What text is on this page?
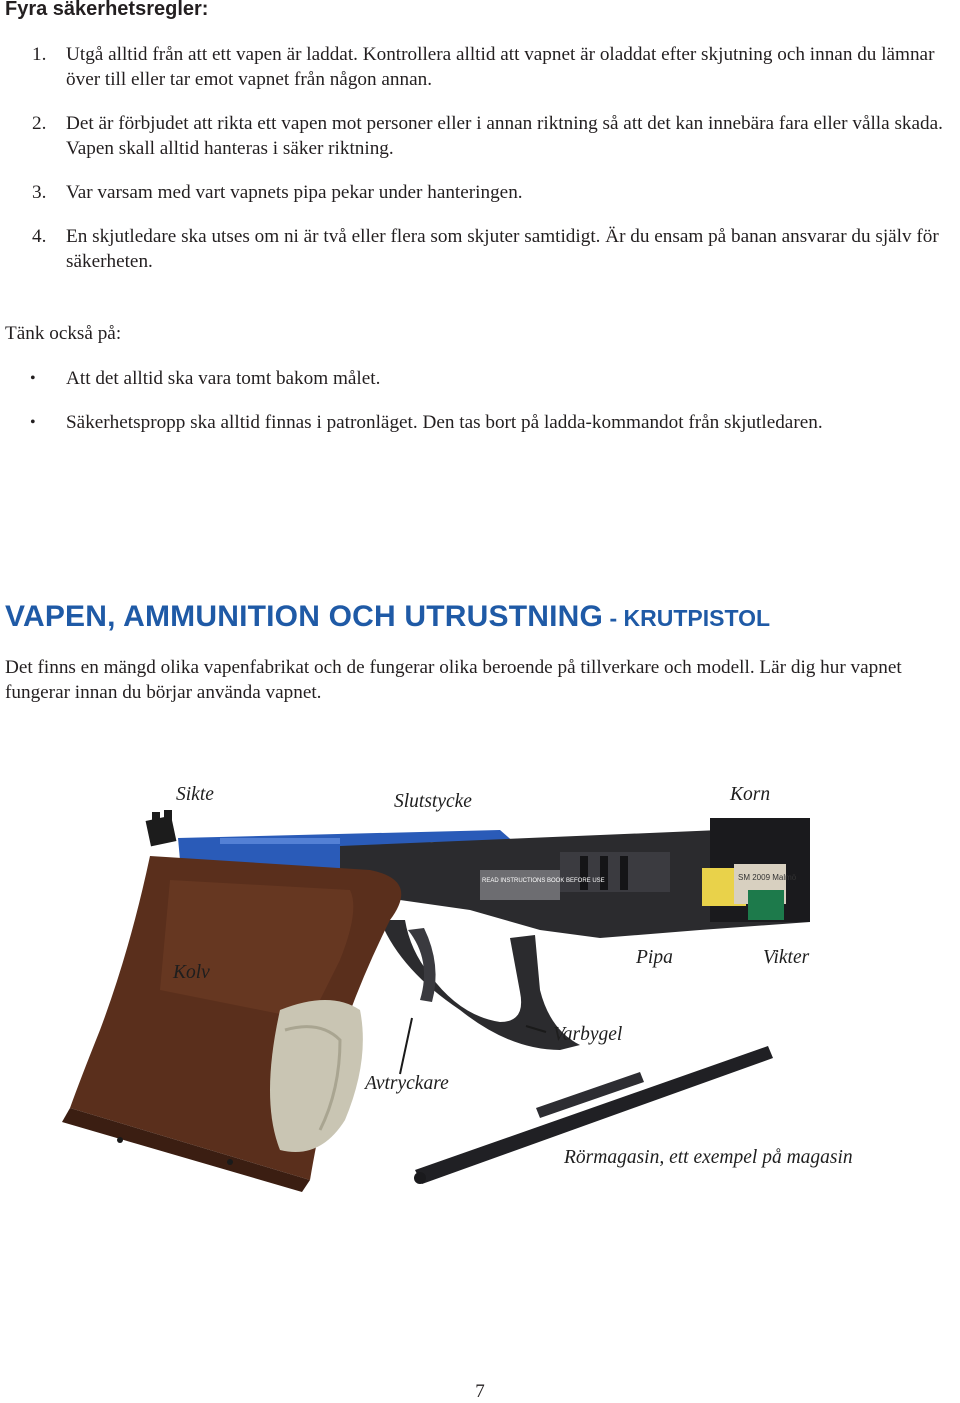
Fyra säkerhetsregler:
1. Utgå alltid från att ett vapen är laddat. Kontrollera alltid att vapnet är oladdat efter skjutning och innan du lämnar över till eller tar emot vapnet från någon annan.
2. Det är förbjudet att rikta ett vapen mot personer eller i annan riktning så att det kan innebära fara eller vålla skada. Vapen skall alltid hanteras i säker riktning.
3. Var varsam med vart vapnets pipa pekar under hanteringen.
4. En skjutledare ska utses om ni är två eller flera som skjuter samtidigt. Är du ensam på banan ansvarar du själv för säkerheten.
Tänk också på:
• Att det alltid ska vara tomt bakom målet.
• Säkerhetspropp ska alltid finnas i patronläget. Den tas bort på ladda-kommandot från skjutledaren.
VAPEN, AMMUNITION OCH UTRUSTNING - KRUTPISTOL

Det finns en mängd olika vapenfabrikat och de fungerar olika beroende på tillverkare och modell. Lär dig hur vapnet fungerar innan du börjar använda vapnet.

READ INSTRUCTIONS BOOK BEFORE USE	SM 2009 Malmö
Sikte	Slutstycke	Korn
Kolv
Pipa	Vikter
Varbygel
Avtryckare
Rörmagasin, ett exempel på magasin
7
